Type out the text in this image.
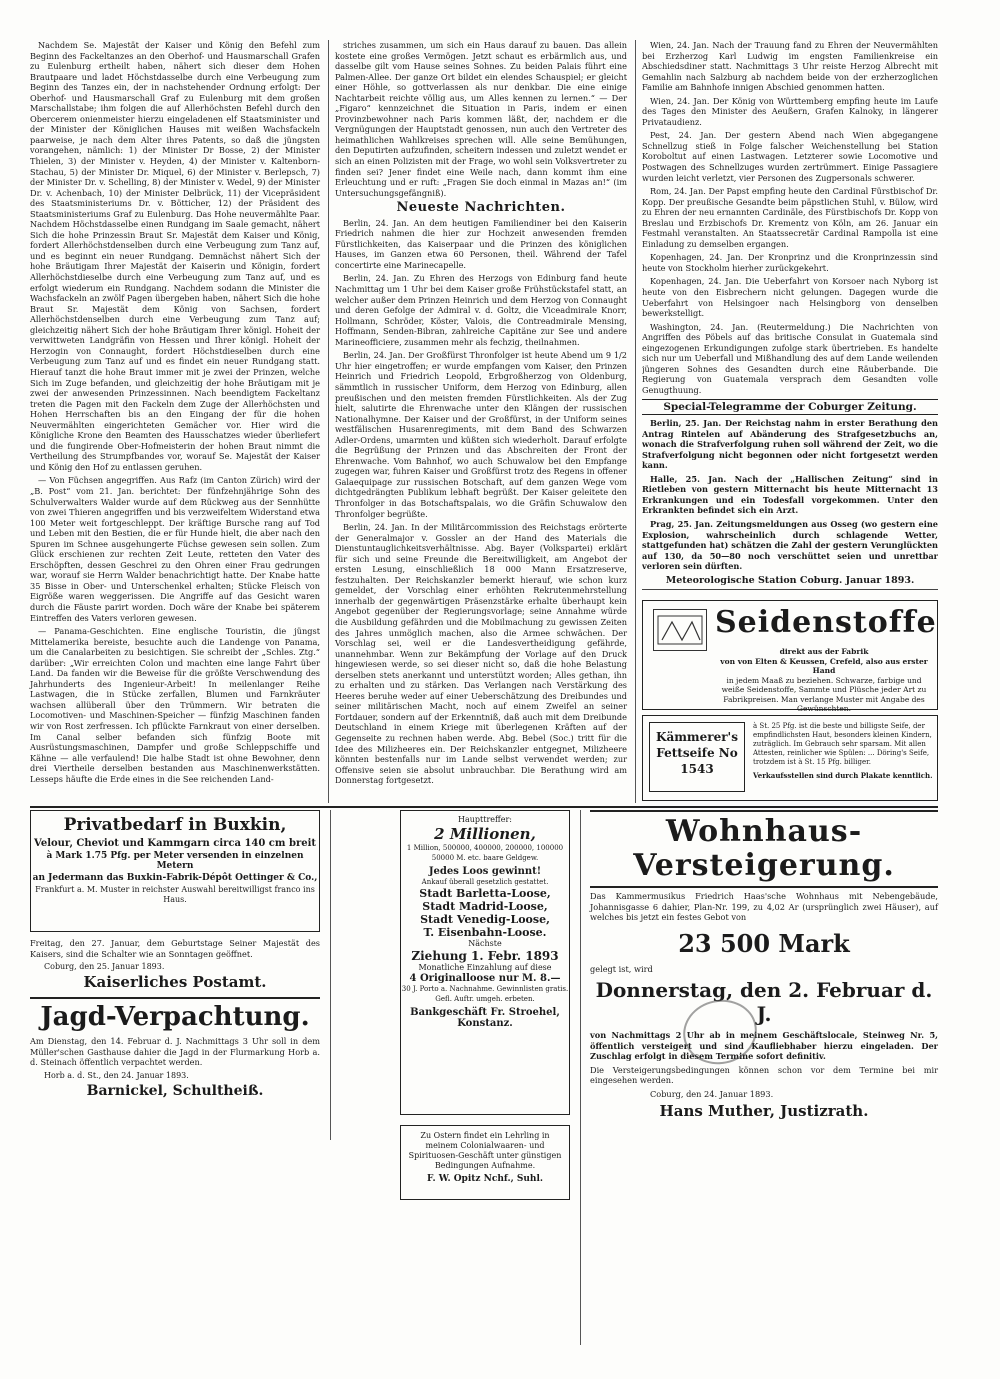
Nachdem Se. Majestät der Kaiser und König den Befehl zum Beginn des Fackeltanzes an den Oberhof- und Hausmarschall Grafen zu Eulenburg ertheilt haben, nähert sich dieser dem Hohen Brautpaare und ladet Höchstdasselbe durch eine Verbeugung zum Beginn des Tanzes ein, der in nachstehender Ordnung erfolgt: Der Oberhof- und Hausmarschall Graf zu Eulenburg mit dem großen Marschallstabe; ihm folgen die auf Allerhöchsten Befehl durch den Obercerem onienmeister hierzu eingeladenen elf Staatsminister und der Minister der Königlichen Hauses mit weißen Wachsfackeln paarweise, je nach dem Alter ihres Patents, so daß die jüngsten vorangehen, nämlich: 1) der Minister Dr Bosse, 2) der Minister Thielen, 3) der Minister v. Heyden, 4) der Minister v. Kaltenborn-Stachau, 5) der Minister Dr. Miquel, 6) der Minister v. Berlepsch, 7) der Minister Dr. v. Schelling, 8) der Minister v. Wedel, 9) der Minister Dr. v. Achenbach, 10) der Minister Delbrück, 11) der Vicepräsident des Staatsministeriums Dr. v. Bötticher, 12) der Präsident des Staatsministeriums Graf zu Eulenburg. Das Hohe neuvermählte Paar. Nachdem Höchstdasselbe einen Rundgang im Saale gemacht, nähert Sich die hohe Prinzessin Braut Sr. Majestät dem Kaiser und König, fordert Allerhöchstdenselben durch eine Verbeugung zum Tanz auf, und es beginnt ein neuer Rundgang. Demnächst nähert Sich der hohe Bräutigam Ihrer Majestät der Kaiserin und Königin, fordert Allerhöchstdieselbe durch eine Verbeugung zum Tanz auf, und es erfolgt wiederum ein Rundgang. Nachdem sodann die Minister die Wachsfackeln an zwölf Pagen übergeben haben, nähert Sich die hohe Braut Sr. Majestät dem König von Sachsen, fordert Allerhöchstdenselben durch eine Verbeugung zum Tanz auf; gleichzeitig nähert Sich der hohe Bräutigam Ihrer königl. Hoheit der verwittweten Landgräfin von Hessen und Ihrer königl. Hoheit der Herzogin von Connaught, fordert Höchstdieselben durch eine Verbeugung zum Tanz auf und es findet ein neuer Rundgang statt. Hierauf tanzt die hohe Braut immer mit je zwei der Prinzen, welche Sich im Zuge befanden, und gleichzeitig der hohe Bräutigam mit je zwei der anwesenden Prinzessinnen. Nach beendigtem Fackeltanz treten die Pagen mit den Fackeln dem Zuge der Allerhöchsten und Hohen Herrschaften bis an den Eingang der für die hohen Neuvermählten eingerichteten Gemächer vor. Hier wird die Königliche Krone den Beamten des Hausschatzes wieder überliefert und die fungirende Ober-Hofmeisterin der hohen Braut nimmt die Vertheilung des Strumpfbandes vor, worauf Se. Majestät der Kaiser und König den Hof zu entlassen geruhen.

— Von Füchsen angegriffen. Aus Rafz (im Canton Zürich) wird der „B. Post“ vom 21. Jan. berichtet: Der fünfzehnjährige Sohn des Schulverwalters Walder wurde auf dem Rückweg aus der Sennhütte von zwei Thieren angegriffen und bis verzweifeltem Widerstand etwa 100 Meter weit fortgeschleppt. Der kräftige Bursche rang auf Tod und Leben mit den Bestien, die er für Hunde hielt, die aber nach den Spuren im Schnee ausgehungerte Füchse gewesen sein sollen. Zum Glück erschienen zur rechten Zeit Leute, retteten den Vater des Erschöpften, dessen Geschrei zu den Ohren einer Frau gedrungen war, worauf sie Herrn Walder benachrichtigt hatte. Der Knabe hatte 35 Bisse in Ober- und Unterschenkel erhalten; Stücke Fleisch von Eigröße waren weggerissen. Die Angriffe auf das Gesicht waren durch die Fäuste parirt worden. Doch wäre der Knabe bei späterem Eintreffen des Vaters verloren gewesen.

— Panama-Geschichten. Eine englische Touristin, die jüngst Mittelamerika bereiste, besuchte auch die Landenge von Panama, um die Canalarbeiten zu besichtigen. Sie schreibt der „Schles. Ztg.“ darüber: „Wir erreichten Colon und machten eine lange Fahrt über Land. Da fanden wir die Beweise für die größte Verschwendung des Jahrhunderts des Ingenieur-Arbeit! In meilenlanger Reihe Lastwagen, die in Stücke zerfallen, Blumen und Farnkräuter wachsen allüberall über den Trümmern. Wir betraten die Locomotiven- und Maschinen-Speicher — fünfzig Maschinen fanden wir von Rost zerfressen. Ich pflückte Farnkraut von einer derselben. Im Canal selber befanden sich fünfzig Boote mit Ausrüstungsmaschinen, Dampfer und große Schleppschiffe und Kähne — alle verfaulend! Die halbe Stadt ist ohne Bewohner, denn drei Viertheile derselben bestanden aus Maschinenwerkstätten. Lesseps häufte die Erde eines in die See reichenden Land-

striches zusammen, um sich ein Haus darauf zu bauen. Das allein kostete eine großes Vermögen. Jetzt schaut es erbärmlich aus, und dasselbe gilt vom Hause seines Sohnes. Zu beiden Palais führt eine Palmen-Allee. Der ganze Ort bildet ein elendes Schauspiel; er gleicht einer Höhle, so gottverlassen als nur denkbar. Die eine einige Nachtarbeit reichte völlig aus, um Alles kennen zu lernen.“ — Der „Figaro“ kennzeichnet die Situation in Paris, indem er einen Provinzbewohner nach Paris kommen läßt, der, nachdem er die Vergnügungen der Hauptstadt genossen, nun auch den Vertreter des heimathlichen Wahlkreises sprechen will. Alle seine Bemühungen, den Deputirten aufzufinden, scheitern indessen und zuletzt wendet er sich an einen Polizisten mit der Frage, wo wohl sein Volksvertreter zu finden sei? Jener findet eine Weile nach, dann kommt ihm eine Erleuchtung und er ruft: „Fragen Sie doch einmal in Mazas an!“ (im Untersuchungsgefängniß).

Neueste Nachrichten.

Berlin, 24. Jan. An dem heutigen Familiendiner bei den Kaiserin Friedrich nahmen die hier zur Hochzeit anwesenden fremden Fürstlichkeiten, das Kaiserpaar und die Prinzen des königlichen Hauses, im Ganzen etwa 60 Personen, theil. Während der Tafel concertirte eine Marinecapelle.

Berlin, 24. Jan. Zu Ehren des Herzogs von Edinburg fand heute Nachmittag um 1 Uhr bei dem Kaiser große Frühstückstafel statt, an welcher außer dem Prinzen Heinrich und dem Herzog von Connaught und deren Gefolge der Admiral v. d. Goltz, die Viceadmirale Knorr, Hollmann, Schröder, Köster, Valois, die Contreadmirale Mensing, Hoffmann, Senden-Bibran, zahlreiche Capitäne zur See und andere Marineofficiere, zusammen mehr als fechzig, theilnahmen.

Berlin, 24. Jan. Der Großfürst Thronfolger ist heute Abend um 9 1/2 Uhr hier eingetroffen; er wurde empfangen vom Kaiser, den Prinzen Heinrich und Friedrich Leopold, Erbgroßherzog von Oldenburg, sämmtlich in russischer Uniform, dem Herzog von Edinburg, allen preußischen und den meisten fremden Fürstlichkeiten. Als der Zug hielt, salutirte die Ehrenwache unter den Klängen der russischen Nationalhymne. Der Kaiser und der Großfürst, in der Uniform seines westfälischen Husarenregiments, mit dem Band des Schwarzen Adler-Ordens, umarmten und küßten sich wiederholt. Darauf erfolgte die Begrüßung der Prinzen und das Abschreiten der Front der Ehrenwache. Vom Bahnhof, wo auch Schuwalow bei den Empfange zugegen war, fuhren Kaiser und Großfürst trotz des Regens in offener Galaequipage zur russischen Botschaft, auf dem ganzen Wege vom dichtgedrängten Publikum lebhaft begrüßt. Der Kaiser geleitete den Thronfolger in das Botschaftspalais, wo die Gräfin Schuwalow den Thronfolger begrüßte.

Berlin, 24. Jan. In der Militärcommission des Reichstags erörterte der Generalmajor v. Gossler an der Hand des Materials die Dienstuntauglichkeitsverhältnisse. Abg. Bayer (Volkspartei) erklärt für sich und seine Freunde die Bereitwilligkeit, am Angebot der ersten Lesung, einschließlich 18 000 Mann Ersatzreserve, festzuhalten. Der Reichskanzler bemerkt hierauf, wie schon kurz gemeldet, der Vorschlag einer erhöhten Rekrutenmehrstellung innerhalb der gegenwärtigen Präsenzstärke erhalte überhaupt kein Angebot gegenüber der Regierungsvorlage; seine Annahme würde die Ausbildung gefährden und die Mobilmachung zu gewissen Zeiten des Jahres unmöglich machen, also die Armee schwächen. Der Vorschlag sei, weil er die Landesvertheidigung gefährde, unannehmbar. Wenn zur Bekämpfung der Vorlage auf den Druck hingewiesen werde, so sei dieser nicht so, daß die hohe Belastung derselben stets anerkannt und unterstützt worden; Alles gethan, ihn zu erhalten und zu stärken. Das Verlangen nach Verstärkung des Heeres beruhe weder auf einer Ueberschätzung des Dreibundes und seiner militärischen Macht, noch auf einem Zweifel an seiner Fortdauer, sondern auf der Erkenntniß, daß auch mit dem Dreibunde Deutschland in einem Kriege mit überlegenen Kräften auf der Gegenseite zu rechnen haben werde. Abg. Bebel (Soc.) tritt für die Idee des Milizheeres ein. Der Reichskanzler entgegnet, Milizheere könnten bestenfalls nur im Lande selbst verwendet werden; zur Offensive seien sie absolut unbrauchbar. Die Berathung wird am Donnerstag fortgesetzt.

Wien, 24. Jan. Nach der Trauung fand zu Ehren der Neuvermählten bei Erzherzog Karl Ludwig im engsten Familienkreise ein Abschiedsdiner statt. Nachmittags 3 Uhr reiste Herzog Albrecht mit Gemahlin nach Salzburg ab nachdem beide von der erzherzoglichen Familie am Bahnhofe innigen Abschied genommen hatten.

Wien, 24. Jan. Der König von Württemberg empfing heute im Laufe des Tages den Minister des Aeußern, Grafen Kalnoky, in längerer Privataudienz.

Pest, 24. Jan. Der gestern Abend nach Wien abgegangene Schnellzug stieß in Folge falscher Weichenstellung bei Station Koroboltut auf einen Lastwagen. Letzterer sowie Locomotive und Postwagen des Schnellzuges wurden zertrümmert. Einige Passagiere wurden leicht verletzt, vier Personen des Zugpersonals schwerer.

Rom, 24. Jan. Der Papst empfing heute den Cardinal Fürstbischof Dr. Kopp. Der preußische Gesandte beim päpstlichen Stuhl, v. Bülow, wird zu Ehren der neu ernannten Cardinäle, des Fürstbischofs Dr. Kopp von Breslau und Erzbischofs Dr. Krementz von Köln, am 26. Januar ein Festmahl veranstalten. An Staatssecretär Cardinal Rampolla ist eine Einladung zu demselben ergangen.

Kopenhagen, 24. Jan. Der Kronprinz und die Kronprinzessin sind heute von Stockholm hierher zurückgekehrt.

Kopenhagen, 24. Jan. Die Ueberfahrt von Korsoer nach Nyborg ist heute von den Eisbrechern nicht gelungen. Dagegen wurde die Ueberfahrt von Helsingoer nach Helsingborg von denselben bewerkstelligt.

Washington, 24. Jan. (Reutermeldung.) Die Nachrichten von Angriffen des Pöbels auf das britische Consulat in Guatemala sind eingezogenen Erkundigungen zufolge stark übertrieben. Es handelte sich nur um Ueberfall und Mißhandlung des auf dem Lande weilenden jüngeren Sohnes des Gesandten durch eine Räuberbande. Die Regierung von Guatemala versprach dem Gesandten volle Genugthuung.

Special-Telegramme der Coburger Zeitung.

Berlin, 25. Jan. Der Reichstag nahm in erster Berathung den Antrag Rintelen auf Abänderung des Strafgesetzbuchs an, wonach die Strafverfolgung ruhen soll während der Zeit, wo die Strafverfolgung nicht begonnen oder nicht fortgesetzt werden kann.

Halle, 25. Jan. Nach der „Hallischen Zeitung“ sind in Rietleben von gestern Mitternacht bis heute Mitternacht 13 Erkrankungen und ein Todesfall vorgekommen. Unter den Erkrankten befindet sich ein Arzt.

Prag, 25. Jan. Zeitungsmeldungen aus Osseg (wo gestern eine Explosion, wahrscheinlich durch schlagende Wetter, stattgefunden hat) schätzen die Zahl der gestern Verunglückten auf 130, da 50—80 noch verschüttet seien und unrettbar verloren sein dürften.

Meteorologische Station Coburg. Januar 1893.

Seidenstoffe
direkt aus der Fabrik
von von Elten & Keussen, Crefeld, also aus erster Hand
in jedem Maaß zu beziehen. Schwarze, farbige und weiße Seidenstoffe, Sammte und Plüsche jeder Art zu Fabrikpreisen. Man verlange Muster mit Angabe des Gewünschten.
Kämmerer's Fettseife No 1543
à St. 25 Pfg. ist die beste und billigste Seife, der empfindlichsten Haut, besonders kleinen Kindern, zuträglich. Im Gebrauch sehr sparsam. Mit allen Attesten, reinlicher wie Spülen: ... Döring's Seife, trotzdem ist à St. 15 Pfg. billiger.
Verkaufsstellen sind durch Plakate kenntlich.
Privatbedarf in Buxkin,
Velour, Cheviot und Kammgarn circa 140 cm breit
à Mark 1.75 Pfg. per Meter versenden in einzelnen Metern
an Jedermann das Buxkin-Fabrik-Dépôt Oettinger & Co.,
Frankfurt a. M. Muster in reichster Auswahl bereitwilligst franco ins Haus.
Freitag, den 27. Januar, dem Geburtstage Seiner Majestät des Kaisers, sind die Schalter wie an Sonntagen geöffnet.
Coburg, den 25. Januar 1893.
Kaiserliches Postamt.
Jagd-Verpachtung.
Am Dienstag, den 14. Februar d. J. Nachmittags 3 Uhr soll in dem Müller'schen Gasthause dahier die Jagd in der Flurmarkung Horb a. d. Steinach öffentlich verpachtet werden.
Horb a. d. St., den 24. Januar 1893.
Barnickel, Schultheiß.
Haupttreffer:
2 Millionen,
1 Million, 500000, 400000, 200000, 100000 50000 M. etc. baare Geldgew.
Jedes Loos gewinnt!
Ankauf überall gesetzlich gestattet.
Stadt Barletta-Loose,
Stadt Madrid-Loose,
Stadt Venedig-Loose,
T. Eisenbahn-Loose.
Nächste
Ziehung 1. Febr. 1893
Monatliche Einzahlung auf diese
4 Originalloose nur M. 8.—
30 J. Porto a. Nachnahme. Gewinnlisten gratis. Gefl. Auftr. umgeh. erbeten.
Bankgeschäft Fr. Stroehel,
Konstanz.
Zu Ostern findet ein Lehrling in meinem Colonialwaaren- und Spirituosen-Geschäft unter günstigen Bedingungen Aufnahme.
F. W. Opitz Nchf., Suhl.
Wohnhaus-Versteigerung.

Das Kammermusikus Friedrich Haas'sche Wohnhaus mit Nebengebäude, Johannisgasse 6 dahier, Plan-Nr. 199, zu 4,02 Ar (ursprünglich zwei Häuser), auf welches bis jetzt ein festes Gebot von

23 500 Mark

gelegt ist, wird

Donnerstag, den 2. Februar d. J.

von Nachmittags 2 Uhr ab in meinem Geschäftslocale, Steinweg Nr. 5, öffentlich versteigert und sind Kaufliebhaber hierzu eingeladen. Der Zuschlag erfolgt in diesem Termine sofort definitiv.

Die Versteigerungsbedingungen können schon vor dem Termine bei mir eingesehen werden.

Coburg, den 24. Januar 1893.

Hans Muther, Justizrath.
